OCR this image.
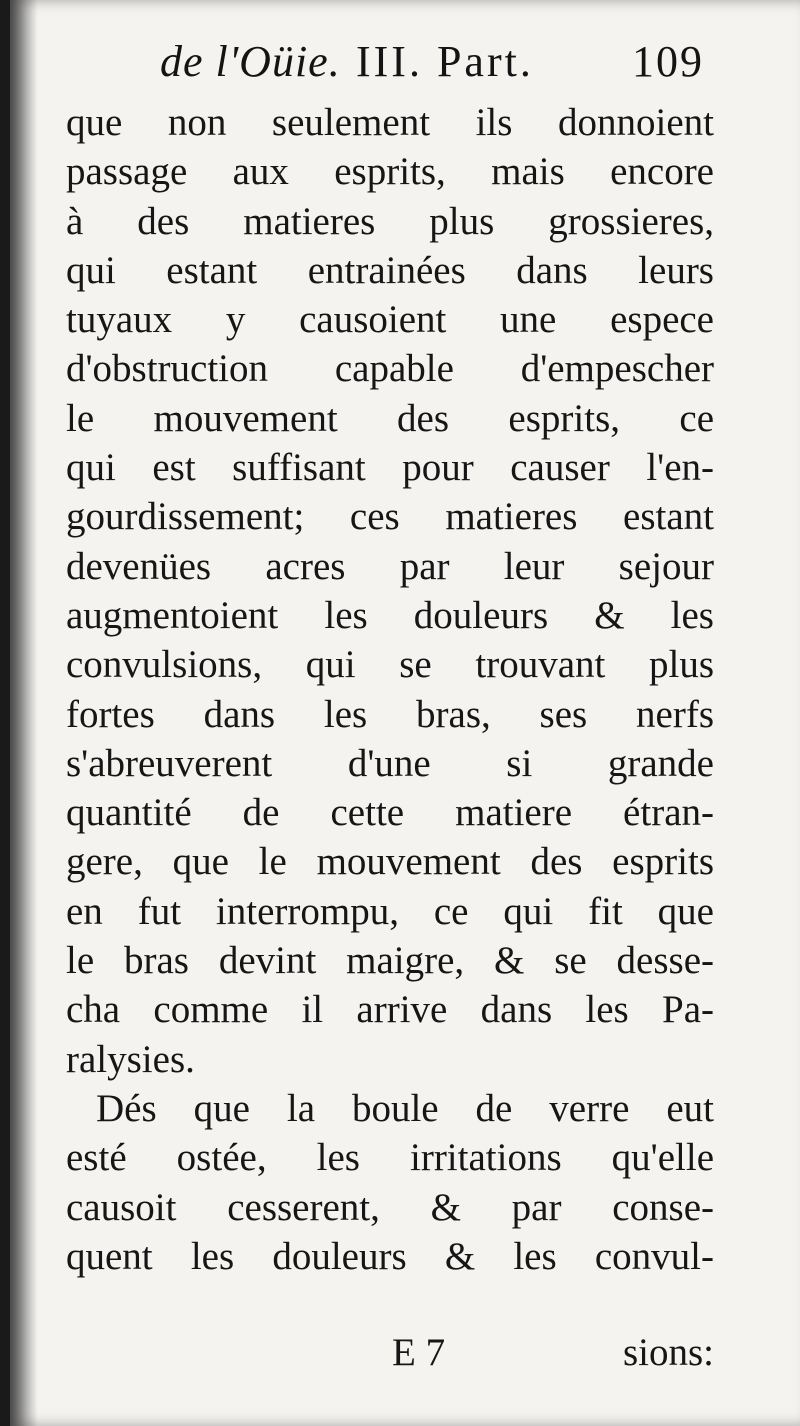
de l'Oüie. III. Part. 109
que non seulement ils donnoient
passage aux esprits, mais encore
à des matieres plus grossieres,
qui estant entrainées dans leurs
tuyaux y causoient une espece
d'obstruction capable d'empescher
le mouvement des esprits, ce
qui est suffisant pour causer l'en-
gourdissement; ces matieres estant
devenües acres par leur sejour
augmentoient les douleurs & les
convulsions, qui se trouvant plus
fortes dans les bras, ses nerfs
s'abreuverent d'une si grande
quantité de cette matiere étran-
gere, que le mouvement des esprits
en fut interrompu, ce qui fit que
le bras devint maigre, & se desse-
cha comme il arrive dans les Pa-
ralysies.
Dés que la boule de verre eut
esté ostée, les irritations qu'elle
causoit cesserent, & par conse-
quent les douleurs & les convul-
E 7	sions:
